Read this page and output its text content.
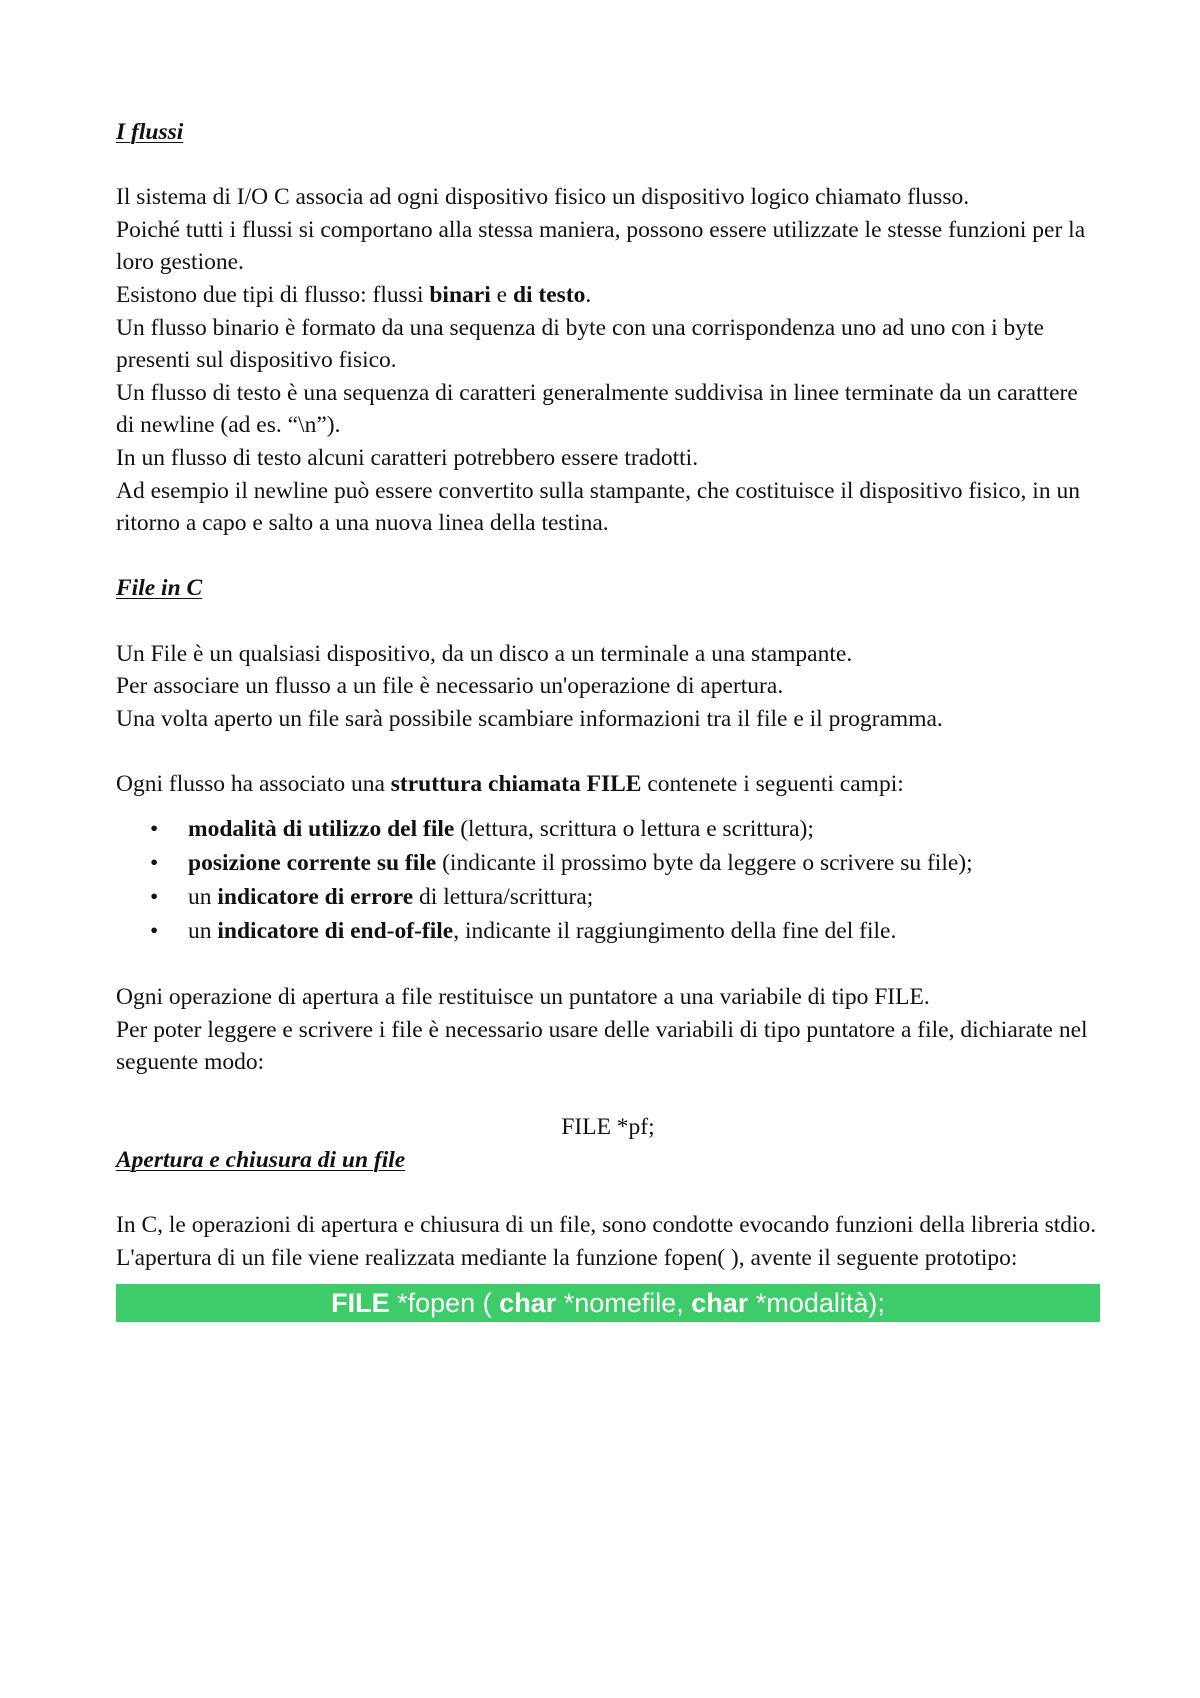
I flussi

Il sistema di I/O C associa ad ogni dispositivo fisico un dispositivo logico chiamato flusso.

Poiché tutti i flussi si comportano alla stessa maniera, possono essere utilizzate le stesse funzioni per la loro gestione.

Esistono due tipi di flusso: flussi binari e di testo.

Un flusso binario è formato da una sequenza di byte con una corrispondenza uno ad uno con i byte presenti sul dispositivo fisico.

Un flusso di testo è una sequenza di caratteri generalmente suddivisa in linee terminate da un carattere di newline (ad es. “\n”).

In un flusso di testo alcuni caratteri potrebbero essere tradotti.

Ad esempio il newline può essere convertito sulla stampante, che costituisce il dispositivo fisico, in un ritorno a capo e salto a una nuova linea della testina.

File in C

Un File è un qualsiasi dispositivo, da un disco a un terminale a una stampante.

Per associare un flusso a un file è necessario un'operazione di apertura.

Una volta aperto un file sarà possibile scambiare informazioni tra il file e il programma.

Ogni flusso ha associato una struttura chiamata FILE contenete i seguenti campi:

• modalità di utilizzo del file (lettura, scrittura o lettura e scrittura);
• posizione corrente su file (indicante il prossimo byte da leggere o scrivere su file);
• un indicatore di errore di lettura/scrittura;
• un indicatore di end-of-file, indicante il raggiungimento della fine del file.

Ogni operazione di apertura a file restituisce un puntatore a una variabile di tipo FILE.

Per poter leggere e scrivere i file è necessario usare delle variabili di tipo puntatore a file, dichiarate nel seguente modo:

FILE *pf;

Apertura e chiusura di un file

In C, le operazioni di apertura e chiusura di un file, sono condotte evocando funzioni della libreria stdio.

L'apertura di un file viene realizzata mediante la funzione fopen( ), avente il seguente prototipo:

FILE *fopen ( char *nomefile, char *modalità);
